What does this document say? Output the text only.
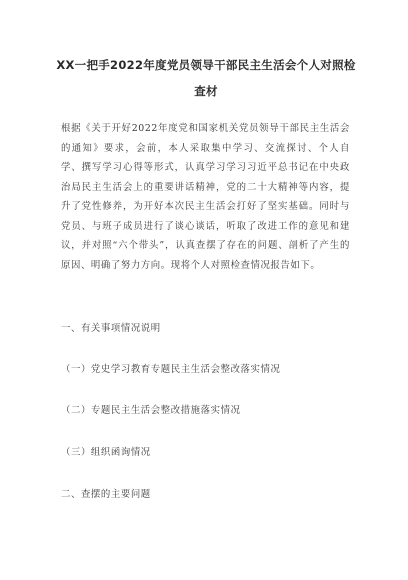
XX一把手2022年度党员领导干部民主生活会个人对照检查材
根据《关于开好2022年度党和国家机关党员领导干部民主生活会的通知》要求，会前，本人采取集中学习、交流探讨、个人自学、撰写学习心得等形式，认真学习学习习近平总书记在中央政治局民主生活会上的重要讲话精神，党的二十大精神等内容，提升了党性修养，为开好本次民主生活会打好了坚实基础。同时与党员、与班子成员进行了谈心谈话，听取了改进工作的意见和建议，并对照“六个带头”，认真查摆了存在的问题、剖析了产生的原因、明确了努力方向。现将个人对照检查情况报告如下。
一、有关事项情况说明
（一）党史学习教育专题民主生活会整改落实情况
（二）专题民主生活会整改措施落实情况
（三）组织函询情况
二、查摆的主要问题
